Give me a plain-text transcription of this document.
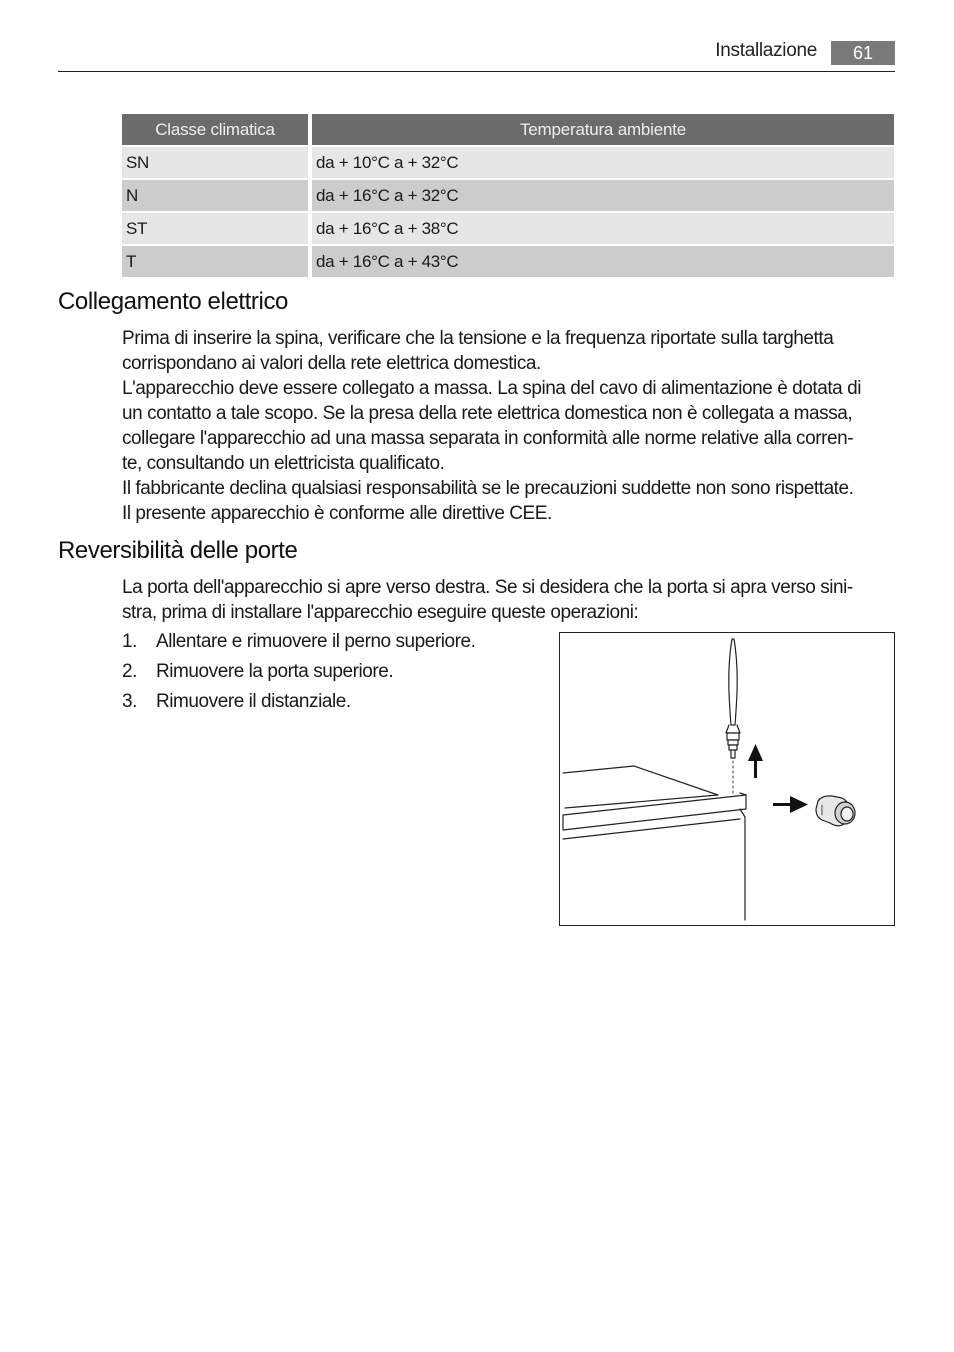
Installazione	61
Classe climatica	Temperatura ambiente
SN	da + 10°C a + 32°C
N	da + 16°C a + 32°C
ST	da + 16°C a + 38°C
T	da + 16°C a + 43°C
Collegamento elettrico

Prima di inserire la spina, verificare che la tensione e la frequenza riportate sulla targhetta

corrispondano ai valori della rete elettrica domestica.

L'apparecchio deve essere collegato a massa. La spina del cavo di alimentazione è dotata di

un contatto a tale scopo. Se la presa della rete elettrica domestica non è collegata a massa,

collegare l'apparecchio ad una massa separata in conformità alle norme relative alla corren-

te, consultando un elettricista qualificato.

Il fabbricante declina qualsiasi responsabilità se le precauzioni suddette non sono rispettate.

Il presente apparecchio è conforme alle direttive CEE.

Reversibilità delle porte

La porta dell'apparecchio si apre verso destra. Se si desidera che la porta si apra verso sini-

stra, prima di installare l'apparecchio eseguire queste operazioni:

1. Allentare e rimuovere il perno superiore.
2. Rimuovere la porta superiore.
3. Rimuovere il distanziale.
